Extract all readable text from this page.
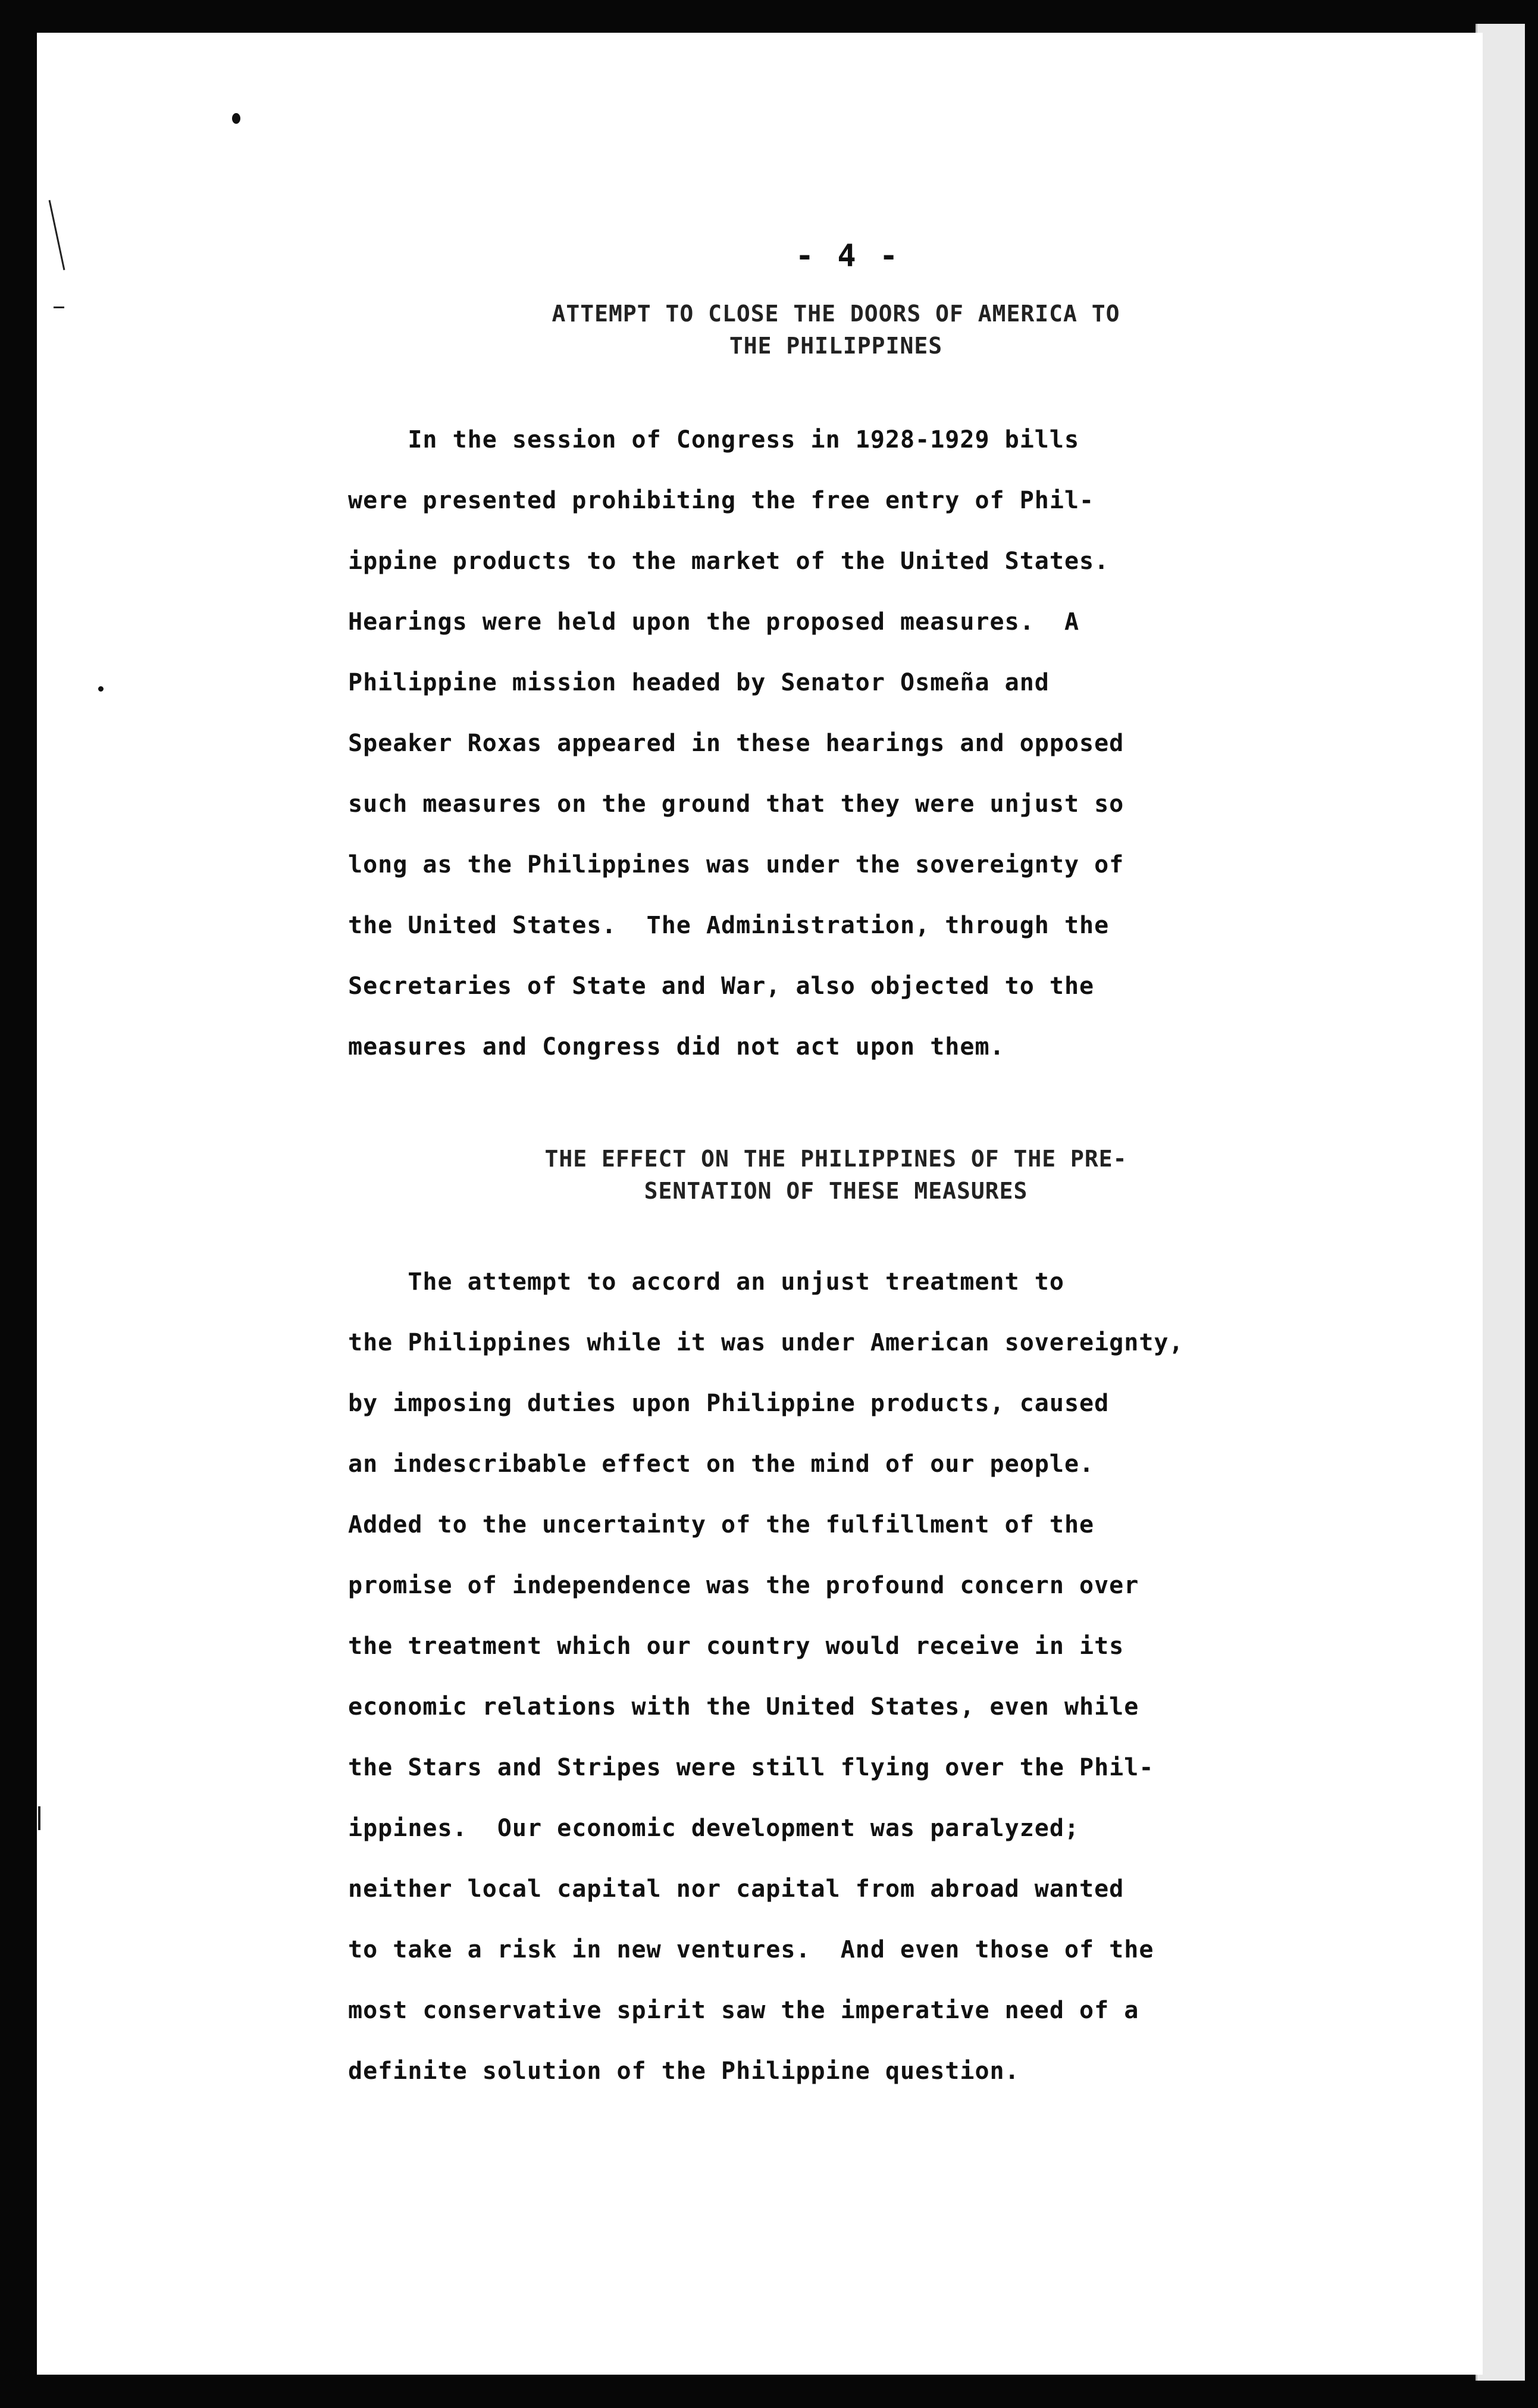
- 4 -
ATTEMPT TO CLOSE THE DOORS OF AMERICA TO
THE PHILIPPINES
In the session of Congress in 1928-1929 bills
were presented prohibiting the free entry of Phil-
ippine products to the market of the United States.
Hearings were held upon the proposed measures.  A
Philippine mission headed by Senator Osmeña and
Speaker Roxas appeared in these hearings and opposed
such measures on the ground that they were unjust so
long as the Philippines was under the sovereignty of
the United States.  The Administration, through the
Secretaries of State and War, also objected to the
measures and Congress did not act upon them.
THE EFFECT ON THE PHILIPPINES OF THE PRE-
SENTATION OF THESE MEASURES
The attempt to accord an unjust treatment to
the Philippines while it was under American sovereignty,
by imposing duties upon Philippine products, caused
an indescribable effect on the mind of our people.
Added to the uncertainty of the fulfillment of the
promise of independence was the profound concern over
the treatment which our country would receive in its
economic relations with the United States, even while
the Stars and Stripes were still flying over the Phil-
ippines.  Our economic development was paralyzed;
neither local capital nor capital from abroad wanted
to take a risk in new ventures.  And even those of the
most conservative spirit saw the imperative need of a
definite solution of the Philippine question.
